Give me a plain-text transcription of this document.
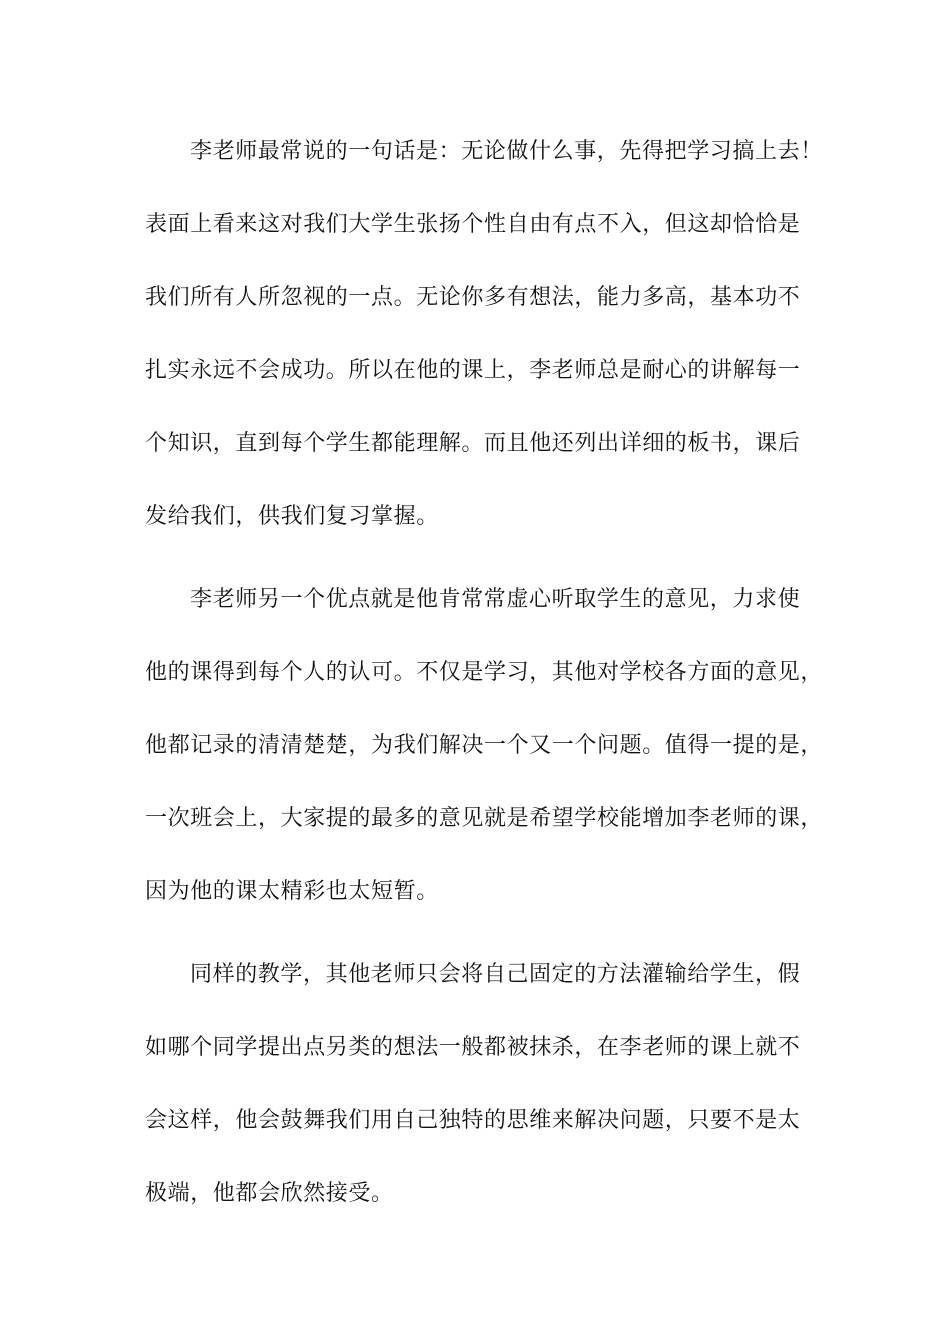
李老师最常说的一句话是：无论做什么事，先得把学习搞上去！
表面上看来这对我们大学生张扬个性自由有点不入，但这却恰恰是
我们所有人所忽视的一点。无论你多有想法，能力多高，基本功不
扎实永远不会成功。所以在他的课上，李老师总是耐心的讲解每一
个知识，直到每个学生都能理解。而且他还列出详细的板书，课后
发给我们，供我们复习掌握。
李老师另一个优点就是他肯常常虚心听取学生的意见，力求使
他的课得到每个人的认可。不仅是学习，其他对学校各方面的意见，
他都记录的清清楚楚，为我们解决一个又一个问题。值得一提的是，
一次班会上，大家提的最多的意见就是希望学校能增加李老师的课，
因为他的课太精彩也太短暂。
同样的教学，其他老师只会将自己固定的方法灌输给学生，假
如哪个同学提出点另类的想法一般都被抹杀，在李老师的课上就不
会这样，他会鼓舞我们用自己独特的思维来解决问题，只要不是太
极端，他都会欣然接受。
